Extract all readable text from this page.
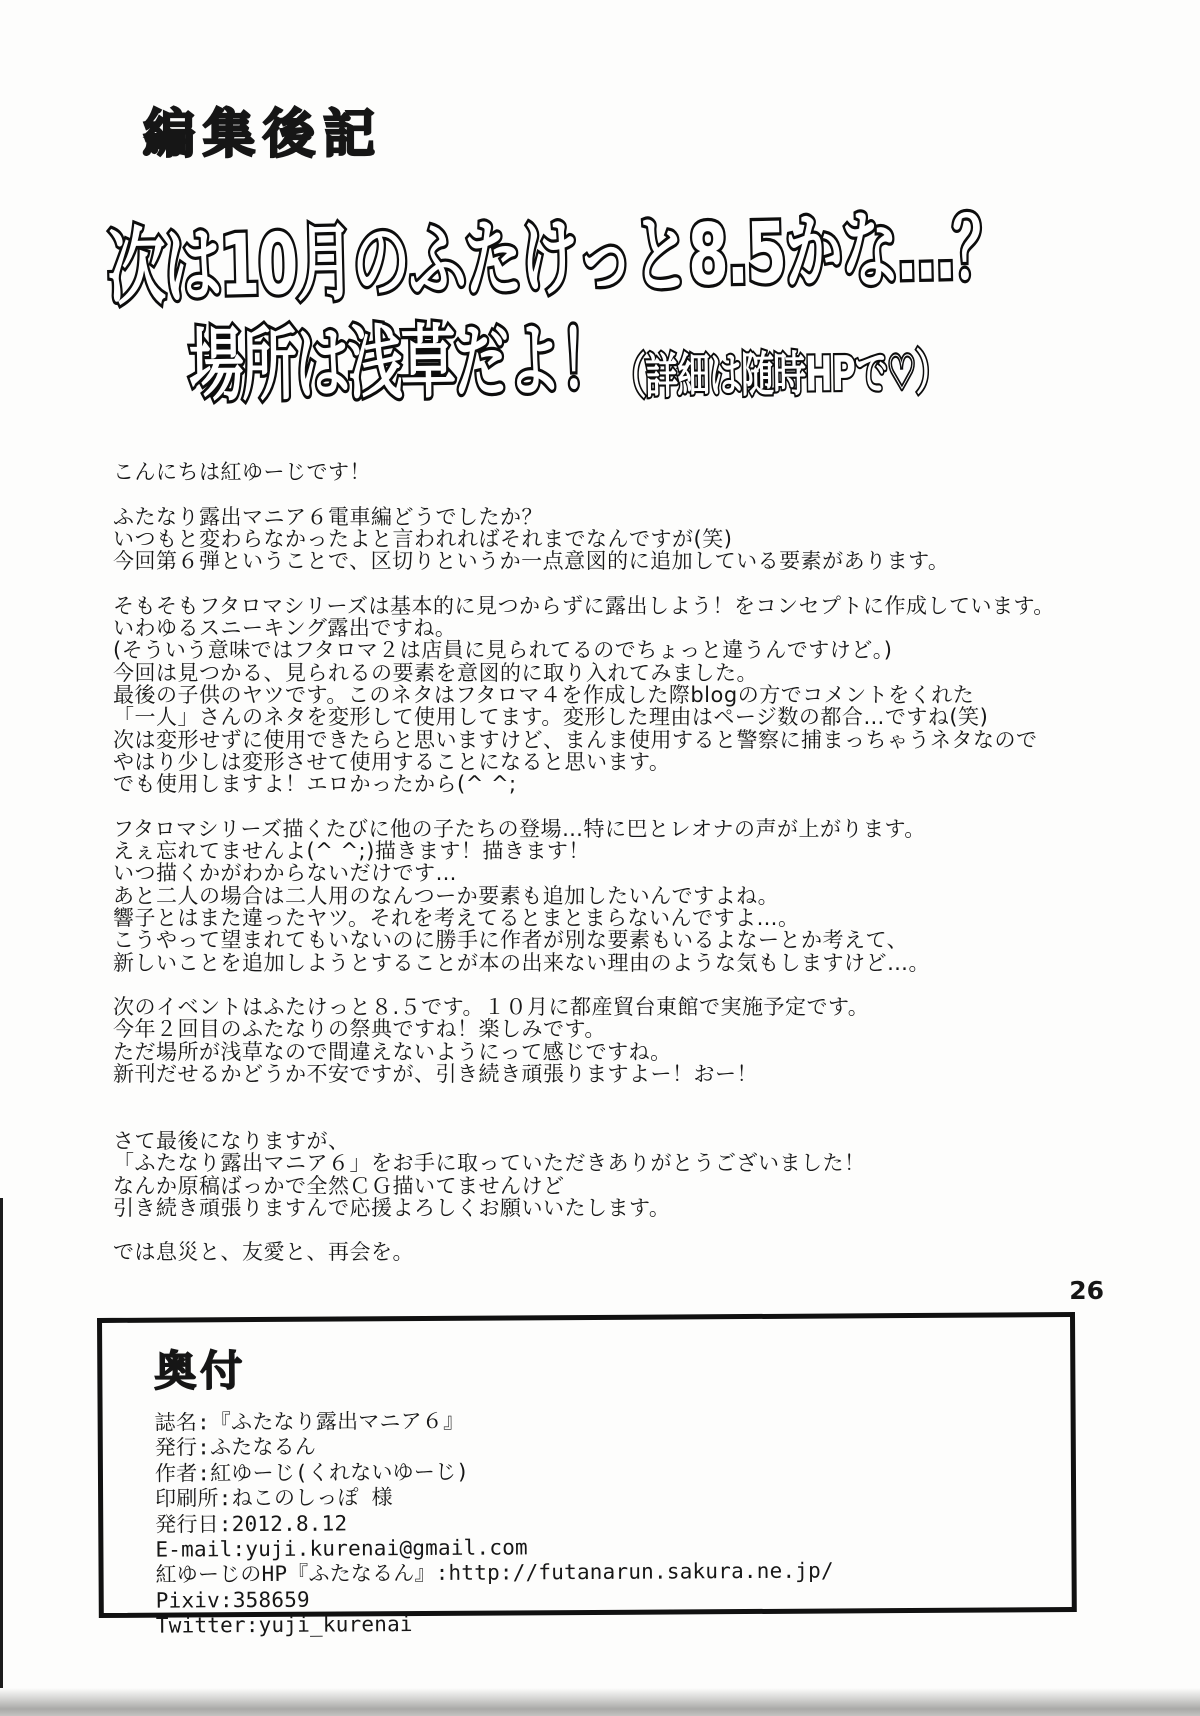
編集後記
次は10月のふたけっと8.5かな…？
場所は浅草だよ！（詳細は随時HPで♡）
こんにちは紅ゆーじです！

ふたなり露出マニア６電車編どうでしたか？
いつもと変わらなかったよと言われればそれまでなんですが(笑)
今回第６弾ということで、区切りというか一点意図的に追加している要素があります。

そもそもフタロマシリーズは基本的に見つからずに露出しよう！をコンセプトに作成しています。
いわゆるスニーキング露出ですね。
(そういう意味ではフタロマ２は店員に見られてるのでちょっと違うんですけど。)
今回は見つかる、見られるの要素を意図的に取り入れてみました。
最後の子供のヤツです。このネタはフタロマ４を作成した際blogの方でコメントをくれた
「一人」さんのネタを変形して使用してます。変形した理由はページ数の都合…ですね(笑)
次は変形せずに使用できたらと思いますけど、まんま使用すると警察に捕まっちゃうネタなので
やはり少しは変形させて使用することになると思います。
でも使用しますよ！エロかったから(^ ^;

フタロマシリーズ描くたびに他の子たちの登場…特に巴とレオナの声が上がります。
えぇ忘れてませんよ(^ ^;)描きます！描きます！
いつ描くかがわからないだけです…
あと二人の場合は二人用のなんつーか要素も追加したいんですよね。
響子とはまた違ったヤツ。それを考えてるとまとまらないんですよ…。
こうやって望まれてもいないのに勝手に作者が別な要素もいるよなーとか考えて、
新しいことを追加しようとすることが本の出来ない理由のような気もしますけど…。

次のイベントはふたけっと８.５です。１０月に都産貿台東館で実施予定です。
今年２回目のふたなりの祭典ですね！楽しみです。
ただ場所が浅草なので間違えないようにって感じですね。
新刊だせるかどうか不安ですが、引き続き頑張りますよー！おー！

さて最後になりますが、
「ふたなり露出マニア６」をお手に取っていただきありがとうございました！
なんか原稿ばっかで全然ＣＧ描いてませんけど
引き続き頑張りますんで応援よろしくお願いいたします。

では息災と、友愛と、再会を。
26
奥付
誌名:『ふたなり露出マニア６』
発行:ふたなるん
作者:紅ゆーじ(くれないゆーじ)
印刷所:ねこのしっぽ 様
発行日:2012.8.12
E-mail:yuji.kurenai@gmail.com
紅ゆーじのHP『ふたなるん』:http://futanarun.sakura.ne.jp/
Pixiv:358659
Twitter:yuji_kurenai
